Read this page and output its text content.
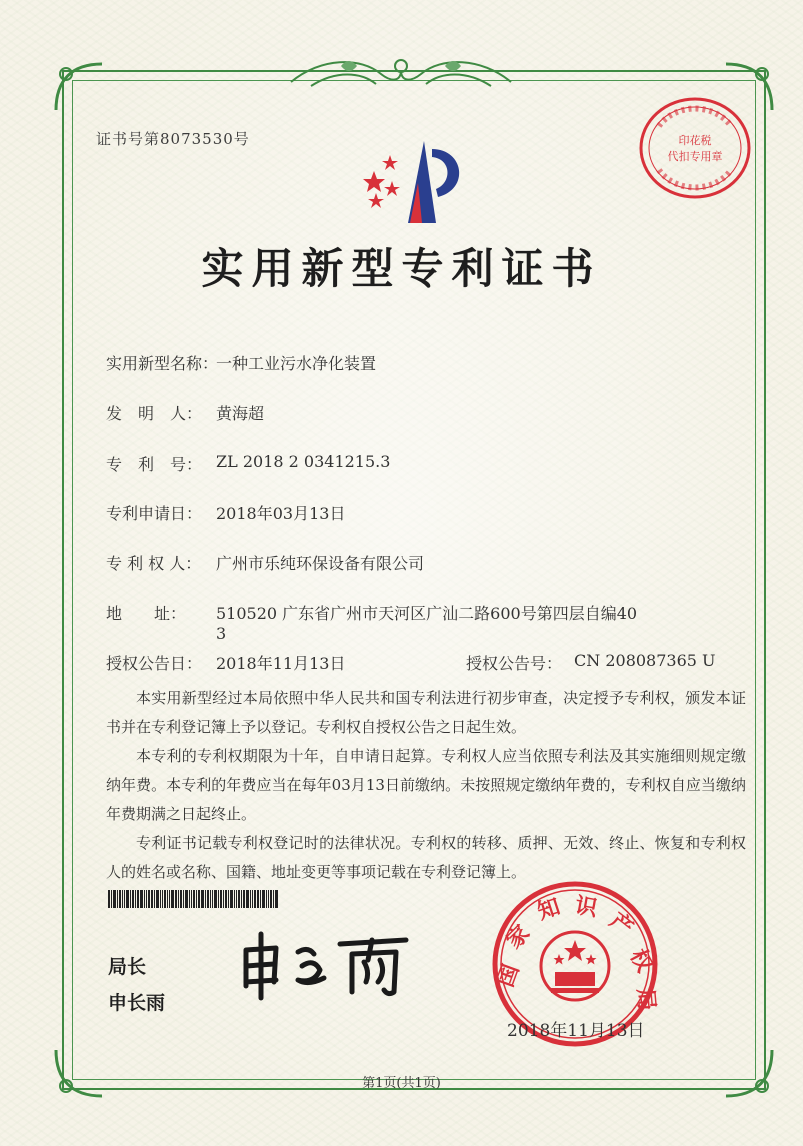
证书号第8073530号	印花税
代扣专用章
实用新型专利证书
实用新型名称：
一种工业污水净化装置
发　明　人： 黄海超
专　利　号： ZL 2018 2 0341215.3
专利申请日： 2018年03月13日
专 利 权 人： 广州市乐纯环保设备有限公司
地　　址： 510520 广东省广州市天河区广汕二路600号第四层自编40
3
授权公告日： 2018年11月13日	授权公告号： CN 208087365 U
本实用新型经过本局依照中华人民共和国专利法进行初步审查，决定授予专利权，颁发本证书并在专利登记簿上予以登记。专利权自授权公告之日起生效。
本专利的专利权期限为十年，自申请日起算。专利权人应当依照专利法及其实施细则规定缴纳年费。本专利的年费应当在每年03月13日前缴纳。未按照规定缴纳年费的，专利权自应当缴纳年费期满之日起终止。
专利证书记载专利权登记时的法律状况。专利权的转移、质押、无效、终止、恢复和专利权人的姓名或名称、国籍、地址变更等事项记载在专利登记簿上。
局长
申长雨
国
家
知 识
产
权
局
2018年11月13日
第1页(共1页)
